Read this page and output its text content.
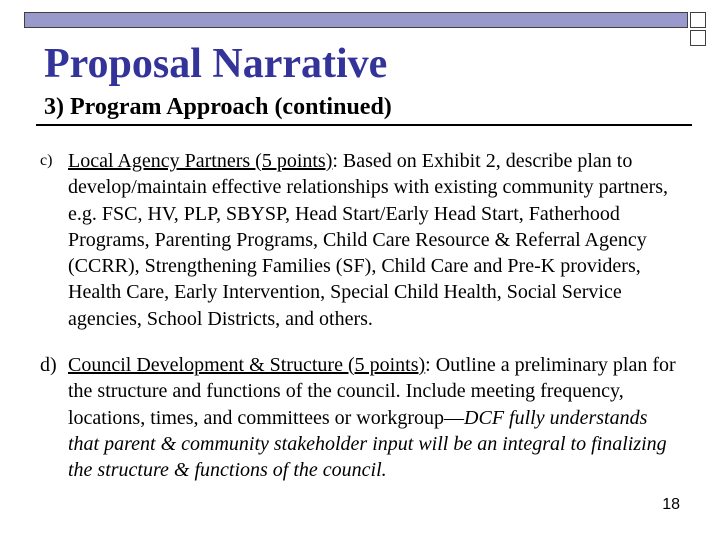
Proposal Narrative
3) Program Approach (continued)
c) Local Agency Partners (5 points): Based on Exhibit 2, describe plan to develop/maintain effective relationships with existing community partners, e.g. FSC, HV, PLP, SBYSP, Head Start/Early Head Start, Fatherhood Programs, Parenting Programs, Child Care Resource & Referral Agency (CCRR), Strengthening Families (SF), Child Care and Pre-K providers, Health Care, Early Intervention, Special Child Health, Social Service agencies, School Districts, and others.

d) Council Development & Structure (5 points): Outline a preliminary plan for the structure and functions of the council. Include meeting frequency, locations, times, and committees or workgroup—DCF fully understands that parent & community stakeholder input will be an integral to finalizing the structure & functions of the council.

18
